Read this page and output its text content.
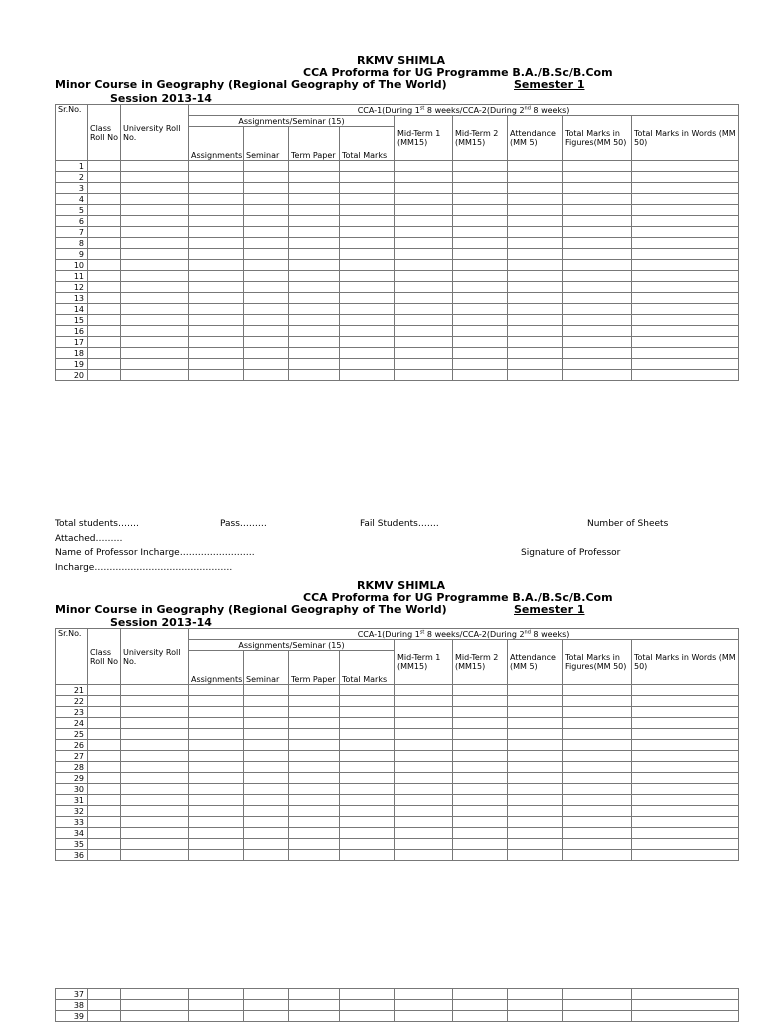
RKMV SHIMLA
CCA Proforma for UG Programme B.A./B.Sc/B.Com
Minor Course in Geography (Regional Geography of The World)	Semester 1
Session 2013-14
Sr.No.	Class Roll No	University Roll No.	CCA-1(During 1st 8 weeks/CCA-2(During 2nd 8 weeks)								
			Assignments/Seminar (15)				Mid-Term 1 (MM15)	Mid-Term 2 (MM15)	Attendance (MM 5)	Total Marks in Figures(MM 50)	Total Marks in Words (MM 50)
			Assignments	Seminar	Term Paper	Total Marks					
1											
2											
3											
4											
5											
6											
7											
8											
9											
10											
11											
12											
13											
14											
15											
16											
17											
18											
19											
20											
Total students…….	Pass………	Fail Students…….	Number of Sheets
Attached………
Name of Professor Incharge…………………….	Signature of Professor
Incharge……………………………………….
RKMV SHIMLA
CCA Proforma for UG Programme B.A./B.Sc/B.Com
Minor Course in Geography (Regional Geography of The World)	Semester 1
Session 2013-14
Sr.No.	Class Roll No	University Roll No.	CCA-1(During 1st 8 weeks/CCA-2(During 2nd 8 weeks)								
			Assignments/Seminar (15)				Mid-Term 1 (MM15)	Mid-Term 2 (MM15)	Attendance (MM 5)	Total Marks in Figures(MM 50)	Total Marks in Words (MM 50)
			Assignments	Seminar	Term Paper	Total Marks					
21											
22											
23											
24											
25											
26											
27											
28											
29											
30											
31											
32											
33											
34											
35											
36											
37											
38											
39											
